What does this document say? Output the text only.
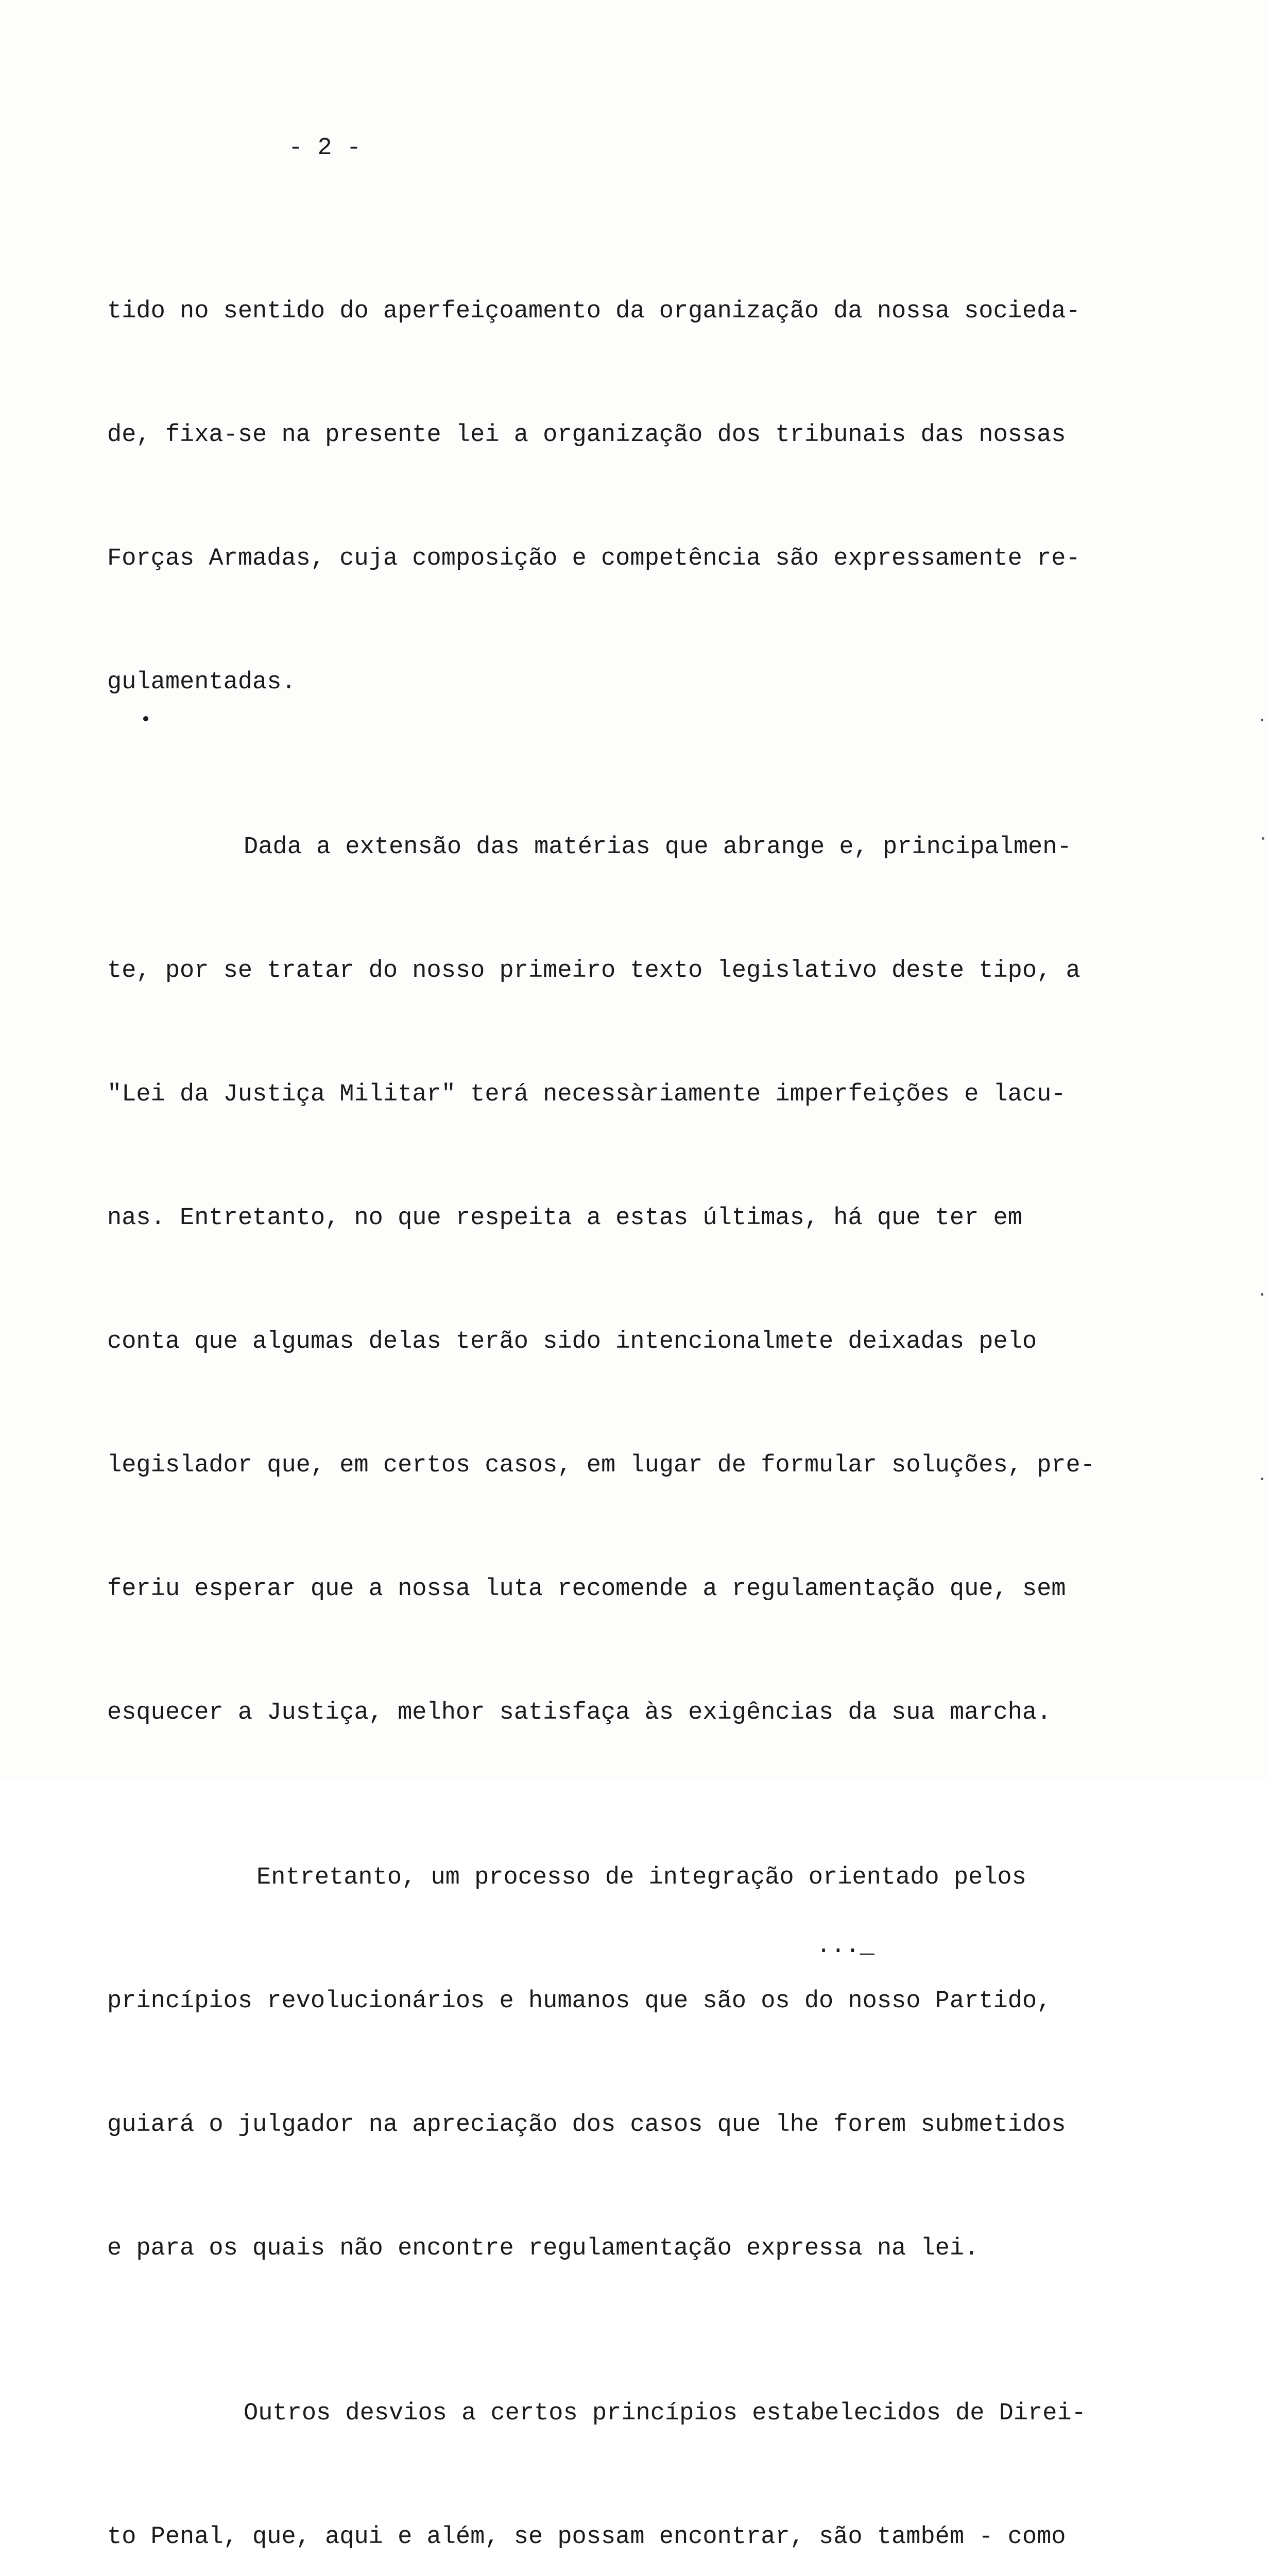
- 2 -

tido no sentido do aperfeiçoamento da organização da nossa socieda-

de, fixa-se na presente lei a organização dos tribunais das nossas

Forças Armadas, cuja composição e competência são expressamente re-

gulamentadas.

Dada a extensão das matérias que abrange e, principalmen-

te, por se tratar do nosso primeiro texto legislativo deste tipo, a

"Lei da Justiça Militar" terá necessàriamente imperfeições e lacu-

nas. Entretanto, no que respeita a estas últimas, há que ter em

conta que algumas delas terão sido intencionalmete deixadas pelo

legislador que, em certos casos, em lugar de formular soluções, pre-

feriu esperar que a nossa luta recomende a regulamentação que, sem

esquecer a Justiça, melhor satisfaça às exigências da sua marcha.

Entretanto, um processo de integração orientado pelos

princípios revolucionários e humanos que são os do nosso Partido,

guiará o julgador na apreciação dos casos que lhe forem submetidos

e para os quais não encontre regulamentação expressa na lei.

Outros desvios a certos princípios estabelecidos de Direi-

to Penal, que, aqui e além, se possam encontrar, são também - como

..._
